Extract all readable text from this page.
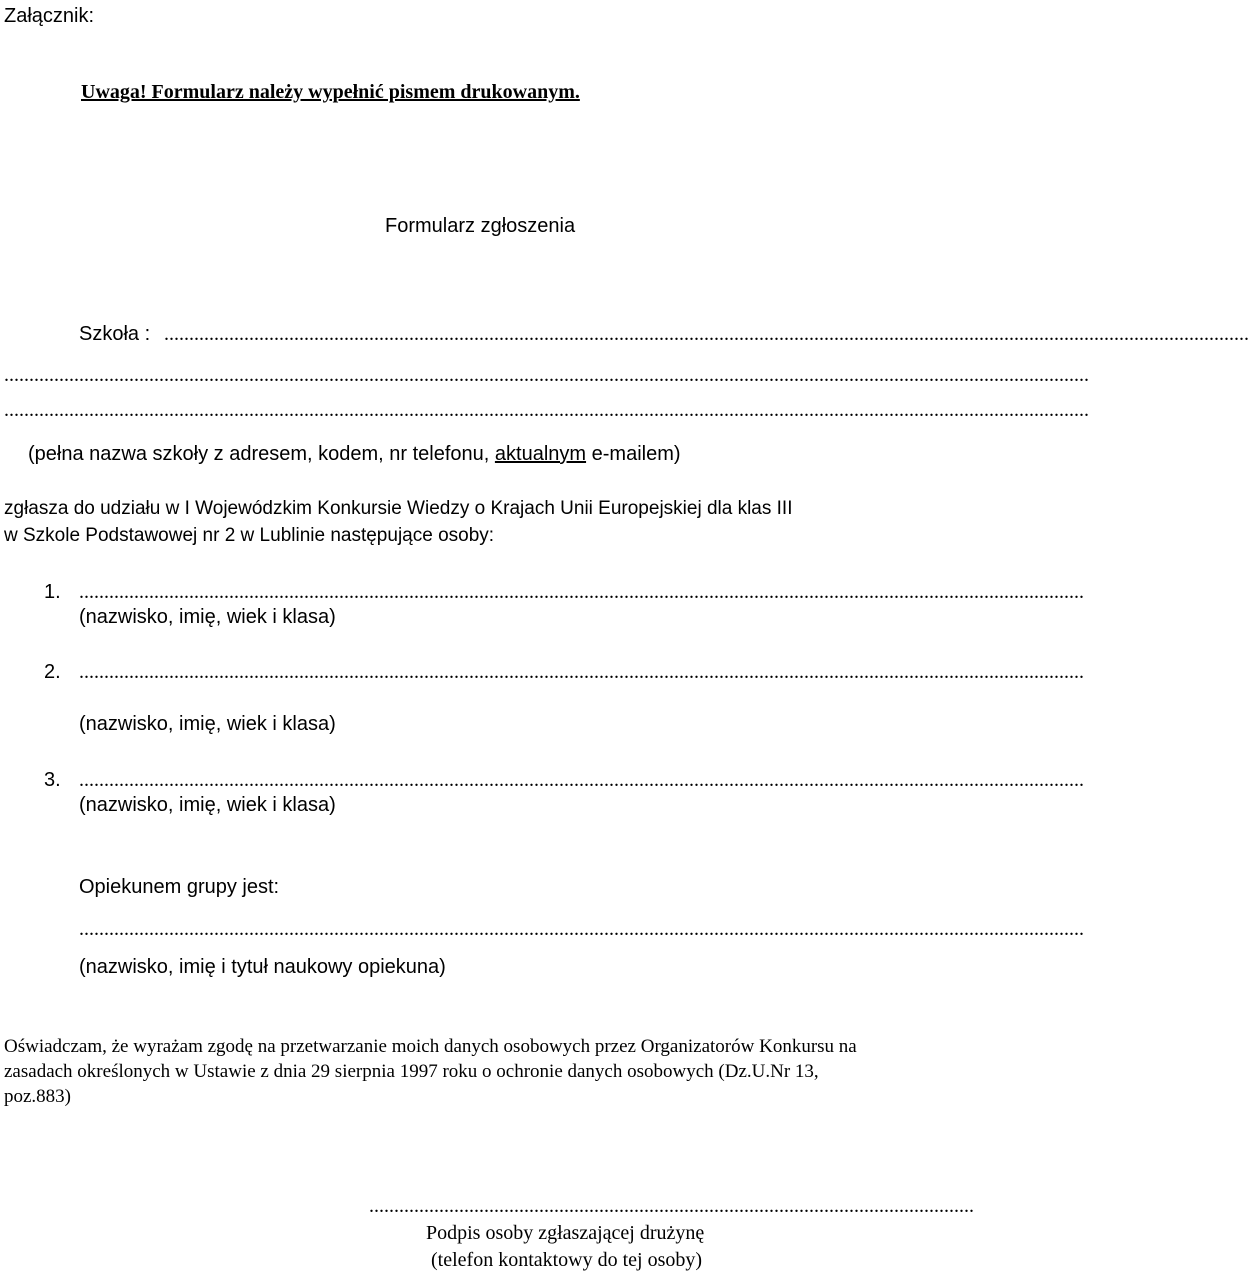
Załącznik:
Uwaga! Formularz należy wypełnić pismem drukowanym.
Formularz zgłoszenia
Szkoła : .........................................................................................................................................................................................................................
.........................................................................................................................................................................................................................
.........................................................................................................................................................................................................................
(pełna nazwa szkoły z adresem, kodem, nr telefonu, aktualnym e-mailem)
zgłasza do udziału w I Wojewódzkim Konkursie Wiedzy o Krajach Unii Europejskiej dla klas III
w Szkole Podstawowej nr 2 w Lublinie następujące osoby:
1. .........................................................................................................................................................................................................
(nazwisko, imię, wiek i klasa)
2. .........................................................................................................................................................................................................
(nazwisko, imię, wiek i klasa)
3. .........................................................................................................................................................................................................
(nazwisko, imię, wiek i klasa)
Opiekunem grupy jest:
.........................................................................................................................................................................................................
(nazwisko, imię i tytuł naukowy opiekuna)
Oświadczam, że wyrażam zgodę na przetwarzanie moich danych osobowych przez Organizatorów Konkursu na
zasadach określonych w Ustawie z dnia 29 sierpnia 1997 roku o ochronie danych osobowych (Dz.U.Nr 13,
poz.883)
.........................................................................................................................
Podpis osoby zgłaszającej drużynę
(telefon kontaktowy do tej osoby)
